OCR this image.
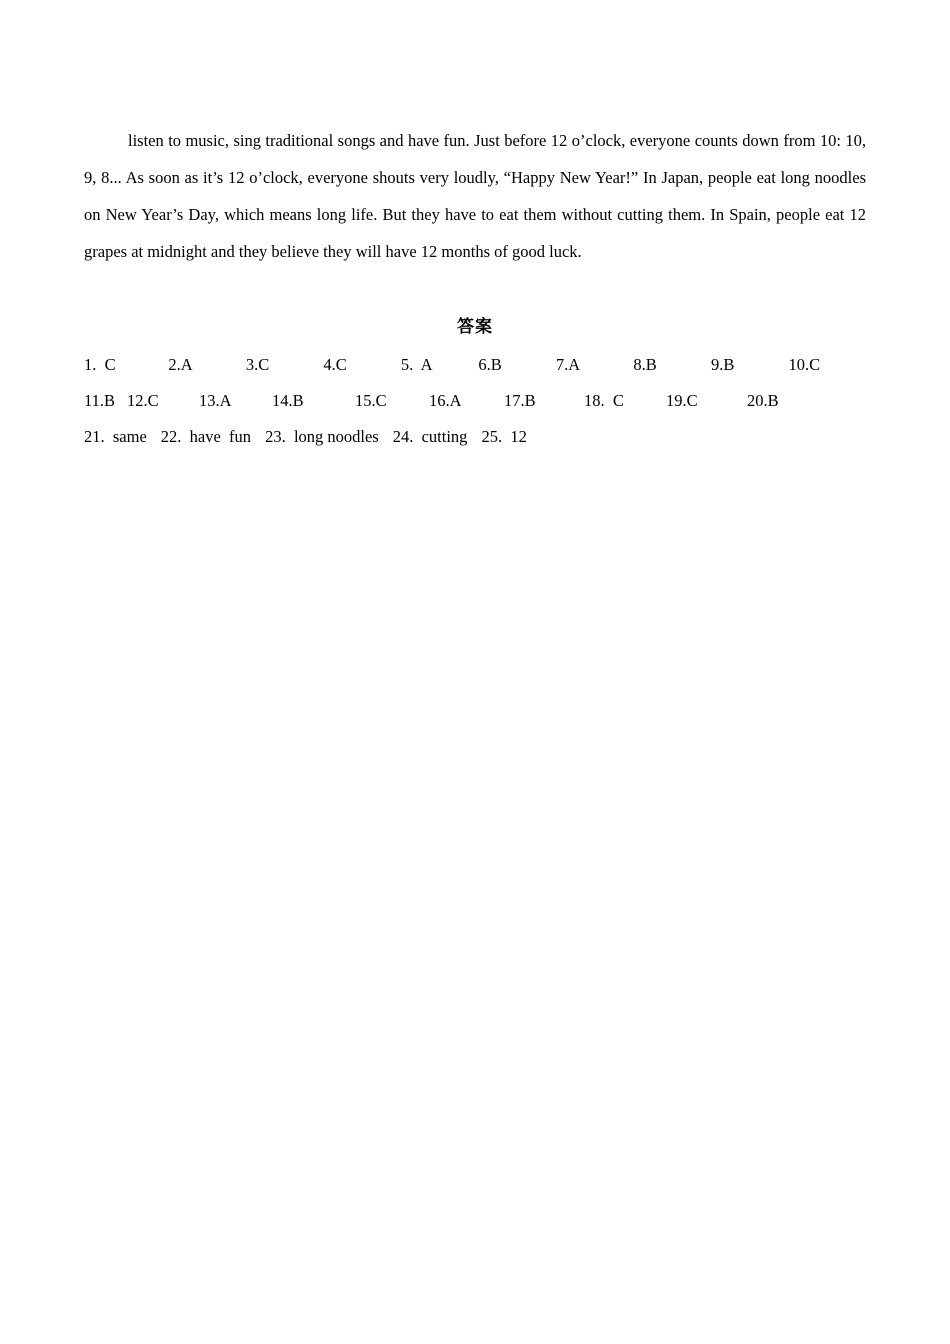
listen to music, sing traditional songs and have fun. Just before 12 o’clock, everyone counts down from 10: 10, 9, 8... As soon as it’s 12 o’clock, everyone shouts very loudly, “Happy New Year!” In Japan, people eat long noodles on New Year’s Day, which means long life. But they have to eat them without cutting them. In Spain, people eat 12 grapes at midnight and they believe they will have 12 months of good luck.

答案
1.  C	2.A	3.C	4.C	5.  A	6.B	7.A	8.B	9.B	10.C
11.B 12.C	13.A	14.B	15.C	16.A	17.B	18.  C	19.C	20.B
21.  same 22.  have  fun 23.  long noodles 24.  cutting 25.  12
